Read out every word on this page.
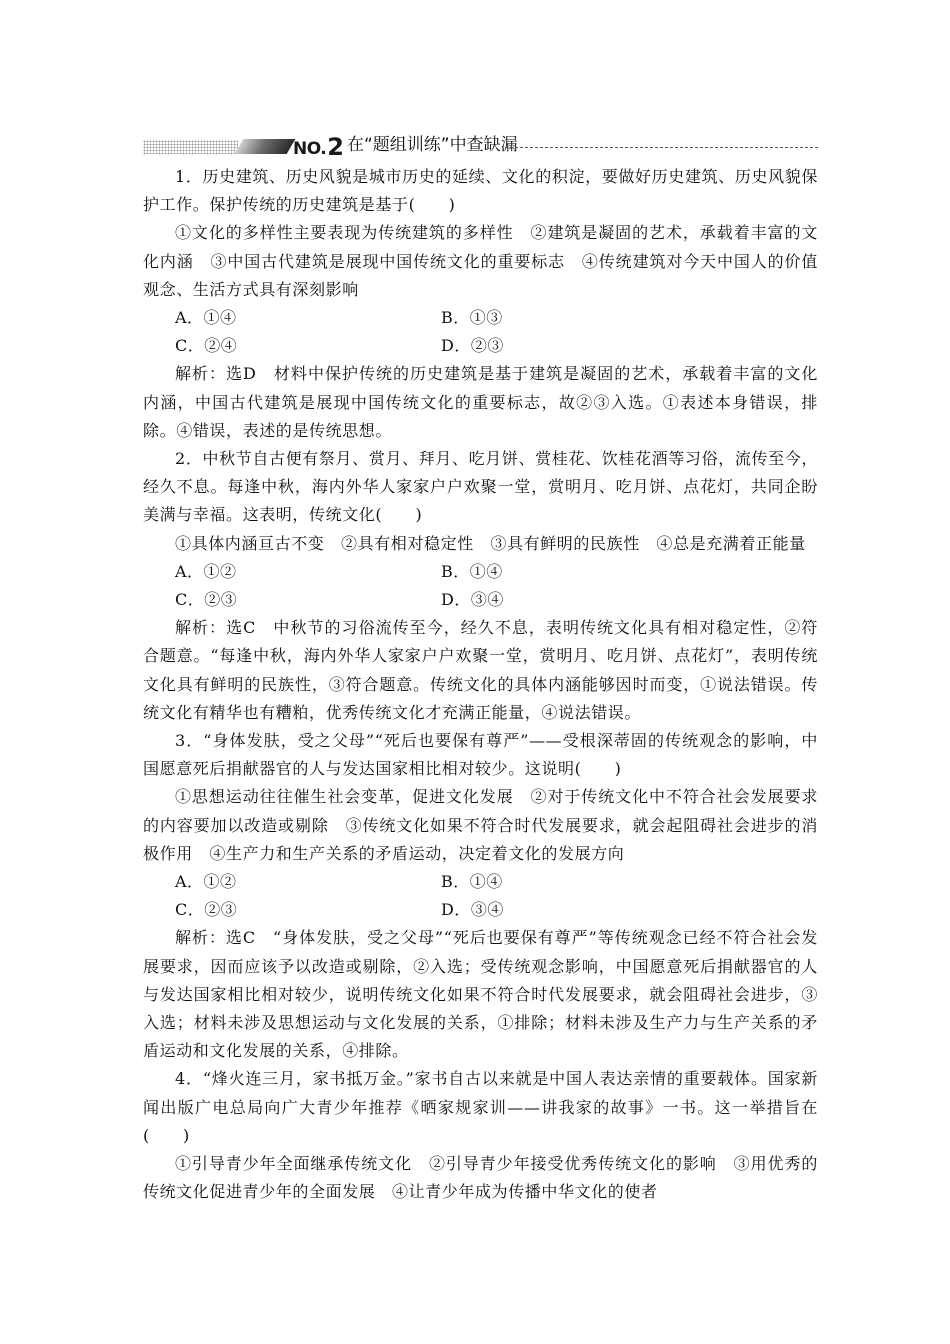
NO. 2 在“题组训练”中查缺漏

1．历史建筑、历史风貌是城市历史的延续、文化的积淀，要做好历史建筑、历史风貌保护工作。保护传统的历史建筑是基于(　　)

①文化的多样性主要表现为传统建筑的多样性　②建筑是凝固的艺术，承载着丰富的文化内涵　③中国古代建筑是展现中国传统文化的重要标志　④传统建筑对今天中国人的价值观念、生活方式具有深刻影响

A．①④	B．①③
C．②④	D．②③

解析：选D　材料中保护传统的历史建筑是基于建筑是凝固的艺术，承载着丰富的文化内涵，中国古代建筑是展现中国传统文化的重要标志，故②③入选。①表述本身错误，排除。④错误，表述的是传统思想。

2．中秋节自古便有祭月、赏月、拜月、吃月饼、赏桂花、饮桂花酒等习俗，流传至今，经久不息。每逢中秋，海内外华人家家户户欢聚一堂，赏明月、吃月饼、点花灯，共同企盼美满与幸福。这表明，传统文化(　　)

①具体内涵亘古不变　②具有相对稳定性　③具有鲜明的民族性　④总是充满着正能量

A．①②	B．①④
C．②③	D．③④

解析：选C　中秋节的习俗流传至今，经久不息，表明传统文化具有相对稳定性，②符合题意。“每逢中秋，海内外华人家家户户欢聚一堂，赏明月、吃月饼、点花灯”，表明传统文化具有鲜明的民族性，③符合题意。传统文化的具体内涵能够因时而变，①说法错误。传统文化有精华也有糟粕，优秀传统文化才充满正能量，④说法错误。

3．“身体发肤，受之父母”“死后也要保有尊严”——受根深蒂固的传统观念的影响，中国愿意死后捐献器官的人与发达国家相比相对较少。这说明(　　)

①思想运动往往催生社会变革，促进文化发展　②对于传统文化中不符合社会发展要求的内容要加以改造或剔除　③传统文化如果不符合时代发展要求，就会起阻碍社会进步的消极作用　④生产力和生产关系的矛盾运动，决定着文化的发展方向

A．①②	B．①④
C．②③	D．③④

解析：选C　“身体发肤，受之父母”“死后也要保有尊严”等传统观念已经不符合社会发展要求，因而应该予以改造或剔除，②入选；受传统观念影响，中国愿意死后捐献器官的人与发达国家相比相对较少，说明传统文化如果不符合时代发展要求，就会阻碍社会进步，③入选；材料未涉及思想运动与文化发展的关系，①排除；材料未涉及生产力与生产关系的矛盾运动和文化发展的关系，④排除。

4．“烽火连三月，家书抵万金。”家书自古以来就是中国人表达亲情的重要载体。国家新闻出版广电总局向广大青少年推荐《晒家规家训——讲我家的故事》一书。这一举措旨在(　　)

①引导青少年全面继承传统文化　②引导青少年接受优秀传统文化的影响　③用优秀的传统文化促进青少年的全面发展　④让青少年成为传播中华文化的使者
